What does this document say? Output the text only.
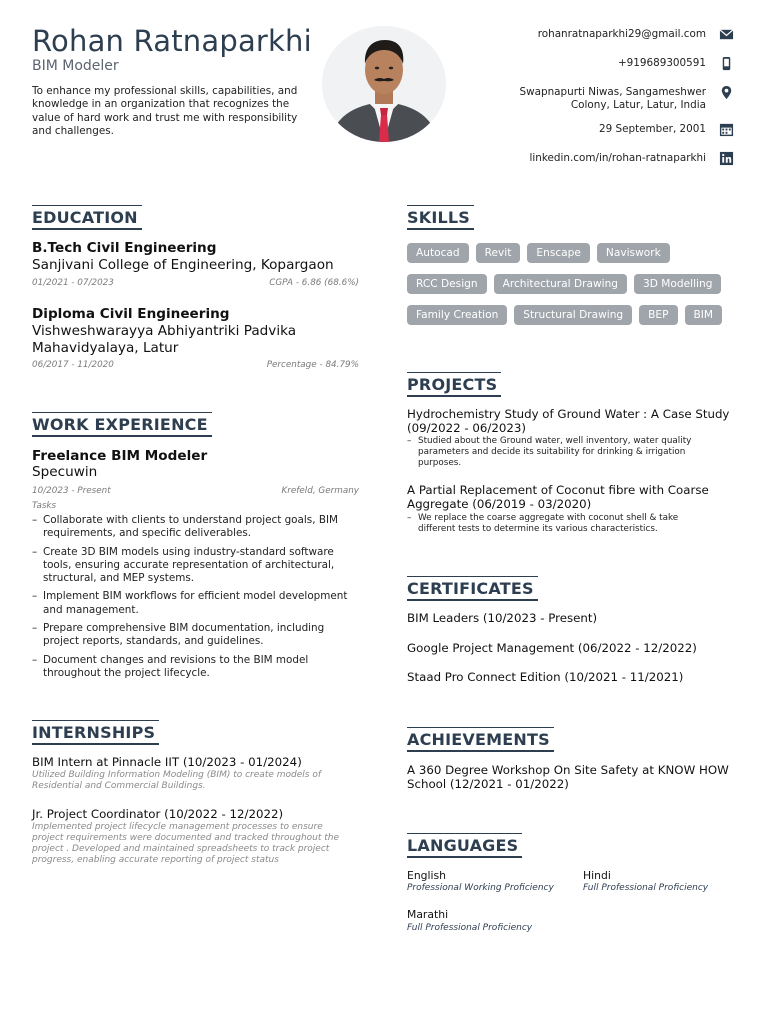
Rohan Ratnaparkhi
BIM Modeler
To enhance my professional skills, capabilities, and knowledge in an organization that recognizes the value of hard work and trust me with responsibility and challenges.
rohanratnaparkhi29@gmail.com
+919689300591
Swapnapurti Niwas, Sangameshwer
Colony, Latur, Latur, India
29 September, 2001
linkedin.com/in/rohan-ratnaparkhi
EDUCATION
B.Tech Civil Engineering
Sanjivani College of Engineering, Kopargaon
01/2021 - 07/2023	CGPA - 6.86 (68.6%)
Diploma Civil Engineering
Vishweshwarayya Abhiyantriki Padvika Mahavidyalaya, Latur
06/2017 - 11/2020	Percentage - 84.79%
WORK EXPERIENCE
Freelance BIM Modeler
Specuwin
10/2023 - Present	Krefeld, Germany
Tasks
– Collaborate with clients to understand project goals, BIM requirements, and specific deliverables.
– Create 3D BIM models using industry-standard software tools, ensuring accurate representation of architectural, structural, and MEP systems.
– Implement BIM workflows for efficient model development and management.
– Prepare comprehensive BIM documentation, including project reports, standards, and guidelines.
– Document changes and revisions to the BIM model throughout the project lifecycle.
INTERNSHIPS
BIM Intern at Pinnacle IIT (10/2023 - 01/2024)
Utilized Building Information Modeling (BIM) to create models of Residential and Commercial Buildings.
Jr. Project Coordinator (10/2022 - 12/2022)
Implemented project lifecycle management processes to ensure project requirements were documented and tracked throughout the project . Developed and maintained spreadsheets to track project progress, enabling accurate reporting of project status
SKILLS
Autocad	Revit	Enscape	Naviswork
RCC Design	Architectural Drawing	3D Modelling
Family Creation	Structural Drawing	BEP	BIM
PROJECTS
Hydrochemistry Study of Ground Water : A Case Study (09/2022 - 06/2023)
– Studied about the Ground water, well inventory, water quality parameters and decide its suitability for drinking & irrigation purposes.
A Partial Replacement of Coconut fibre with Coarse Aggregate (06/2019 - 03/2020)
– We replace the coarse aggregate with coconut shell & take different tests to determine its various characteristics.
CERTIFICATES
BIM Leaders (10/2023 - Present)
Google Project Management (06/2022 - 12/2022)
Staad Pro Connect Edition (10/2021 - 11/2021)
ACHIEVEMENTS
A 360 Degree Workshop On Site Safety at KNOW HOW School (12/2021 - 01/2022)
LANGUAGES
English
Professional Working Proficiency
Hindi
Full Professional Proficiency
Marathi
Full Professional Proficiency
